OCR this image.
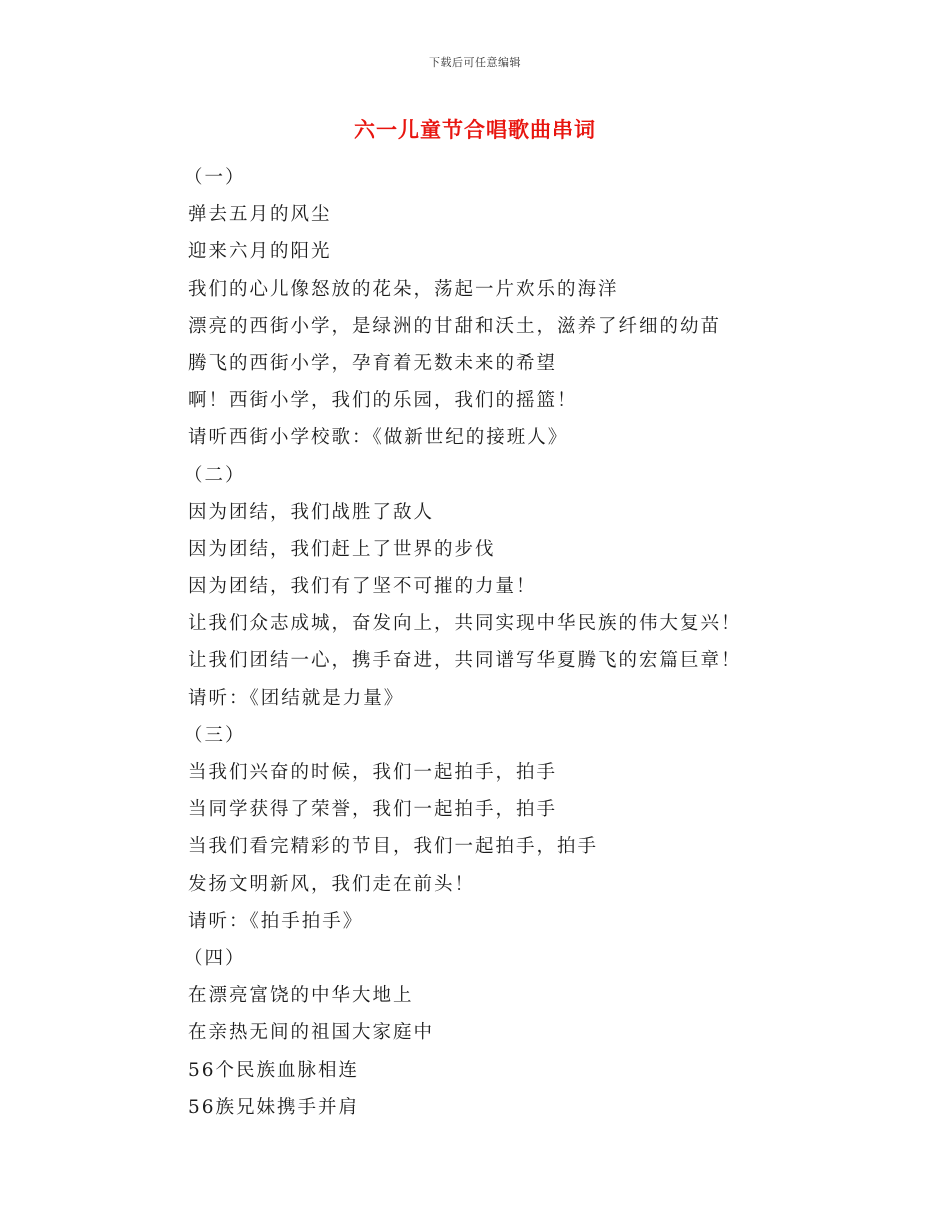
下载后可任意编辑
六一儿童节合唱歌曲串词
（一）
弹去五月的风尘
迎来六月的阳光
我们的心儿像怒放的花朵，荡起一片欢乐的海洋
漂亮的西街小学，是绿洲的甘甜和沃土，滋养了纤细的幼苗
腾飞的西街小学，孕育着无数未来的希望
啊！西街小学，我们的乐园，我们的摇篮！
请听西街小学校歌：《做新世纪的接班人》
（二）
因为团结，我们战胜了敌人
因为团结，我们赶上了世界的步伐
因为团结，我们有了坚不可摧的力量！
让我们众志成城，奋发向上，共同实现中华民族的伟大复兴！
让我们团结一心，携手奋进，共同谱写华夏腾飞的宏篇巨章！
请听：《团结就是力量》
（三）
当我们兴奋的时候，我们一起拍手，拍手
当同学获得了荣誉，我们一起拍手，拍手
当我们看完精彩的节目，我们一起拍手，拍手
发扬文明新风，我们走在前头！
请听：《拍手拍手》
（四）
在漂亮富饶的中华大地上
在亲热无间的祖国大家庭中
56个民族血脉相连
56族兄妹携手并肩
